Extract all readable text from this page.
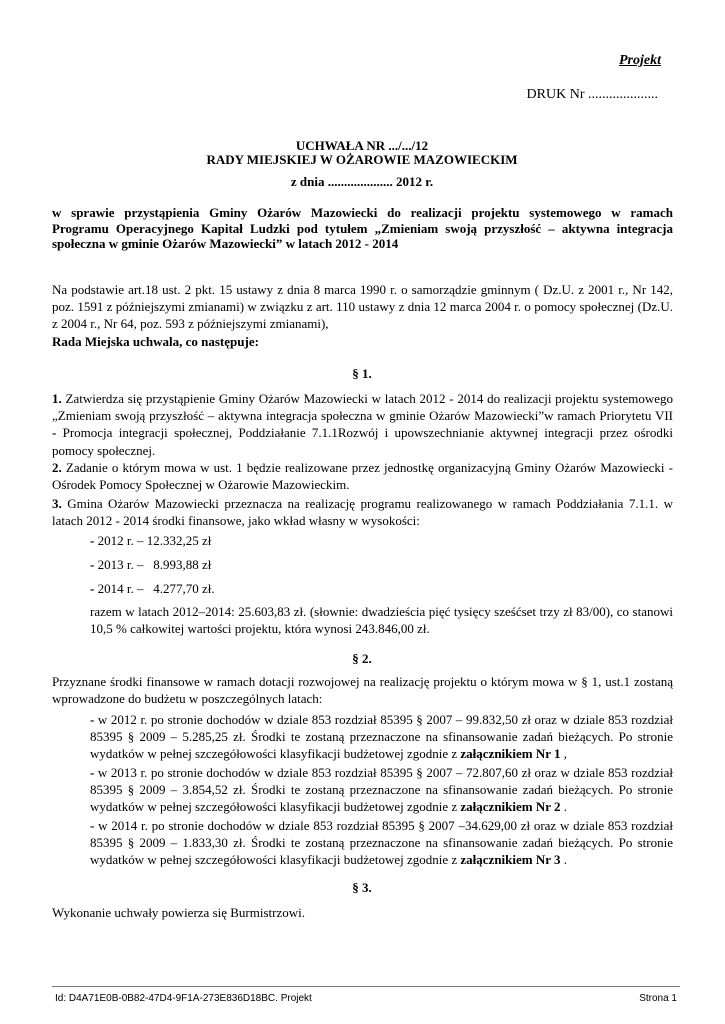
Projekt
DRUK Nr ....................
UCHWAŁA NR .../.../12
RADY MIEJSKIEJ W OŻAROWIE MAZOWIECKIM
z dnia .................... 2012 r.
w sprawie przystąpienia Gminy Ożarów Mazowiecki do realizacji projektu systemowego w ramach
Programu Operacyjnego Kapitał Ludzki pod tytułem „Zmieniam swoją przyszłość – aktywna integracja
społeczna w gminie Ożarów Mazowiecki” w latach 2012 - 2014
Na podstawie art.18 ust. 2 pkt. 15 ustawy z dnia 8 marca 1990 r. o samorządzie gminnym ( Dz.U. z 2001 r., Nr 142, poz. 1591 z późniejszymi zmianami) w związku z art. 110 ustawy z dnia 12 marca 2004 r. o pomocy społecznej (Dz.U. z 2004 r., Nr 64, poz. 593 z późniejszymi zmianami),
Rada Miejska uchwala, co następuje:
§ 1.
1. Zatwierdza się przystąpienie Gminy Ożarów Mazowiecki w latach 2012 - 2014 do realizacji projektu systemowego „Zmieniam swoją przyszłość – aktywna integracja społeczna w gminie Ożarów Mazowiecki”w ramach Priorytetu VII - Promocja integracji społecznej, Poddziałanie 7.1.1Rozwój i upowszechnianie aktywnej integracji przez ośrodki pomocy społecznej.
2. Zadanie o którym mowa w ust. 1 będzie realizowane przez jednostkę organizacyjną Gminy Ożarów Mazowiecki - Ośrodek Pomocy Społecznej w Ożarowie Mazowieckim.
3. Gmina Ożarów Mazowiecki przeznacza na realizację programu realizowanego w ramach Poddziałania 7.1.1. w latach 2012 - 2014 środki finansowe, jako wkład własny w wysokości:
- 2012 r. – 12.332,25 zł
- 2013 r. –   8.993,88 zł
- 2014 r. –   4.277,70 zł.
razem w latach 2012–2014: 25.603,83 zł. (słownie: dwadzieścia pięć tysięcy sześćset trzy zł 83/00), co stanowi 10,5 % całkowitej wartości projektu, która wynosi 243.846,00 zł.
§ 2.
Przyznane środki finansowe w ramach dotacji rozwojowej na realizację projektu o którym mowa w § 1, ust.1 zostaną wprowadzone do budżetu w poszczególnych latach:
- w 2012 r. po stronie dochodów w dziale 853 rozdział 85395 § 2007 – 99.832,50 zł oraz w dziale 853 rozdział 85395 § 2009 – 5.285,25 zł. Środki te zostaną przeznaczone na sfinansowanie zadań bieżących. Po stronie wydatków w pełnej szczegółowości klasyfikacji budżetowej zgodnie z załącznikiem Nr 1 ,
- w 2013 r. po stronie dochodów w dziale 853 rozdział 85395 § 2007 – 72.807,60 zł oraz w dziale 853 rozdział 85395 § 2009 – 3.854,52 zł. Środki te zostaną przeznaczone na sfinansowanie zadań bieżących. Po stronie wydatków w pełnej szczegółowości klasyfikacji budżetowej zgodnie z załącznikiem Nr 2 .
- w 2014 r. po stronie dochodów w dziale 853 rozdział 85395 § 2007 –34.629,00 zł oraz w dziale 853 rozdział 85395 § 2009 – 1.833,30 zł. Środki te zostaną przeznaczone na sfinansowanie zadań bieżących. Po stronie wydatków w pełnej szczegółowości klasyfikacji budżetowej zgodnie z załącznikiem Nr 3 .
§ 3.
Wykonanie uchwały powierza się Burmistrzowi.
Id: D4A71E0B-0B82-47D4-9F1A-273E836D18BC. Projekt	Strona 1
